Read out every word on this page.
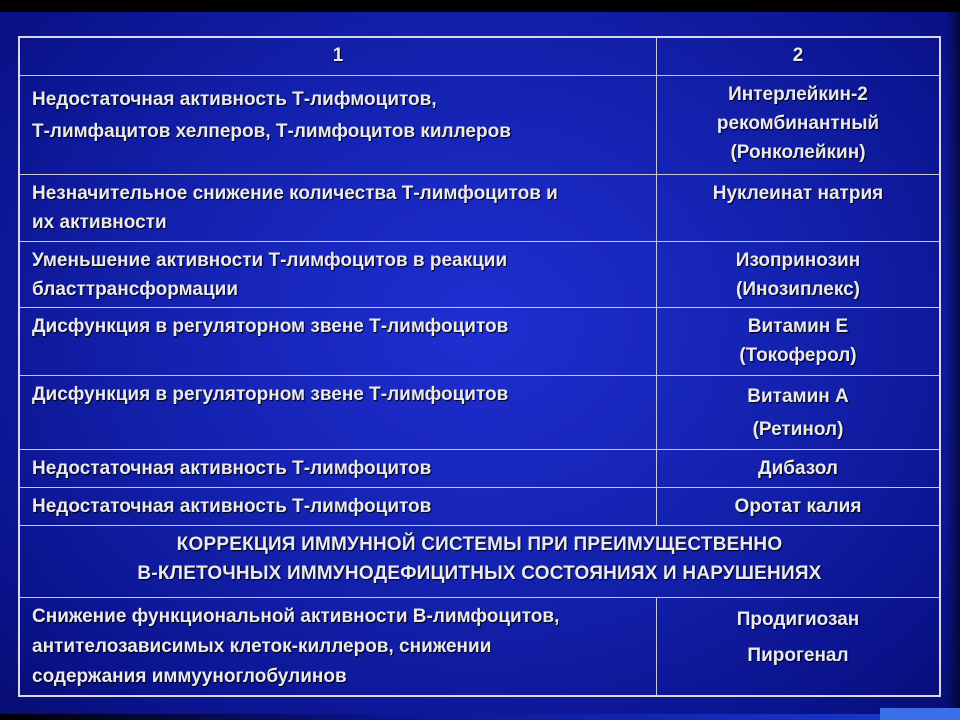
1	2

Недостаточная активность Т-лифмоцитов,
Т-лимфацитов хелперов, Т-лимфоцитов киллеров	Интерлейкин-2
рекомбинантный
(Ронколейкин)

Незначительное снижение количества Т-лимфоцитов и
их активности	Нуклеинат натрия

Уменьшение активности Т-лимфоцитов в реакции
бласттрансформации	Изопринозин
(Инозиплекс)

Дисфункция в регуляторном звене Т-лимфоцитов	Витамин Е
(Токоферол)

Дисфункция в регуляторном звене Т-лимфоцитов	Витамин А
(Ретинол)

Недостаточная активность Т-лимфоцитов	Дибазол

Недостаточная активность Т-лимфоцитов	Оротат калия

КОРРЕКЦИЯ ИММУННОЙ СИСТЕМЫ ПРИ ПРЕИМУЩЕСТВЕННО
В-КЛЕТОЧНЫХ ИММУНОДЕФИЦИТНЫХ СОСТОЯНИЯХ И НАРУШЕНИЯХ	

Снижение функциональной активности В-лимфоцитов,
антителозависимых клеток-киллеров, снижении
содержания иммууноглобулинов	Продигиозан
Пирогенал
